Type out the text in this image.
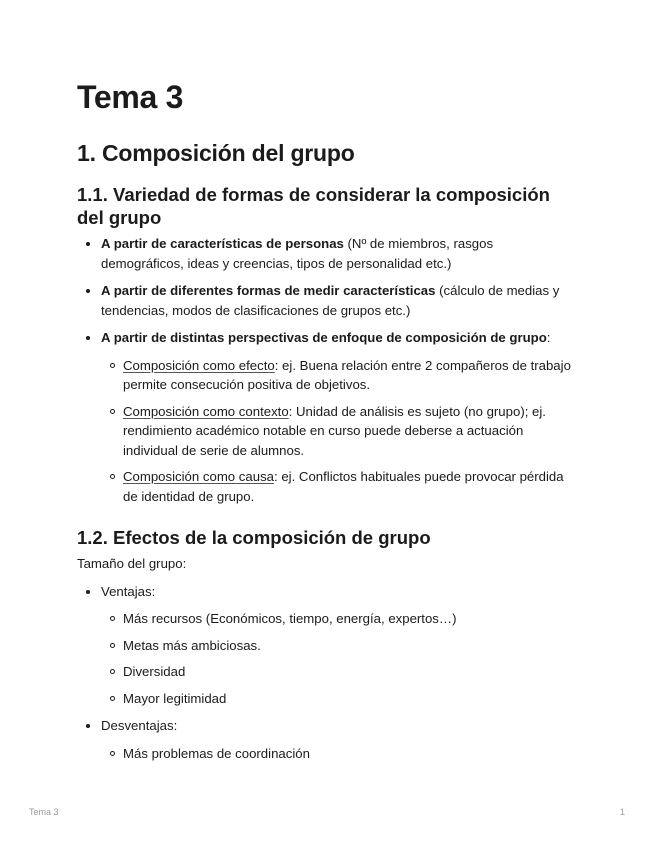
Tema 3
1. Composición del grupo
1.1. Variedad de formas de considerar la composición del grupo
A partir de características de personas (Nº de miembros, rasgos demográficos, ideas y creencias, tipos de personalidad etc.)
A partir de diferentes formas de medir características (cálculo de medias y tendencias, modos de clasificaciones de grupos etc.)
A partir de distintas perspectivas de enfoque de composición de grupo:
Composición como efecto: ej. Buena relación entre 2 compañeros de trabajo permite consecución positiva de objetivos.
Composición como contexto: Unidad de análisis es sujeto (no grupo); ej. rendimiento académico notable en curso puede deberse a actuación individual de serie de alumnos.
Composición como causa: ej. Conflictos habituales puede provocar pérdida de identidad de grupo.
1.2. Efectos de la composición de grupo

Tamaño del grupo:

Ventajas:
Más recursos (Económicos, tiempo, energía, expertos…)
Metas más ambiciosas.
Diversidad
Mayor legitimidad
Desventajas:
Más problemas de coordinación
Tema 3	1
